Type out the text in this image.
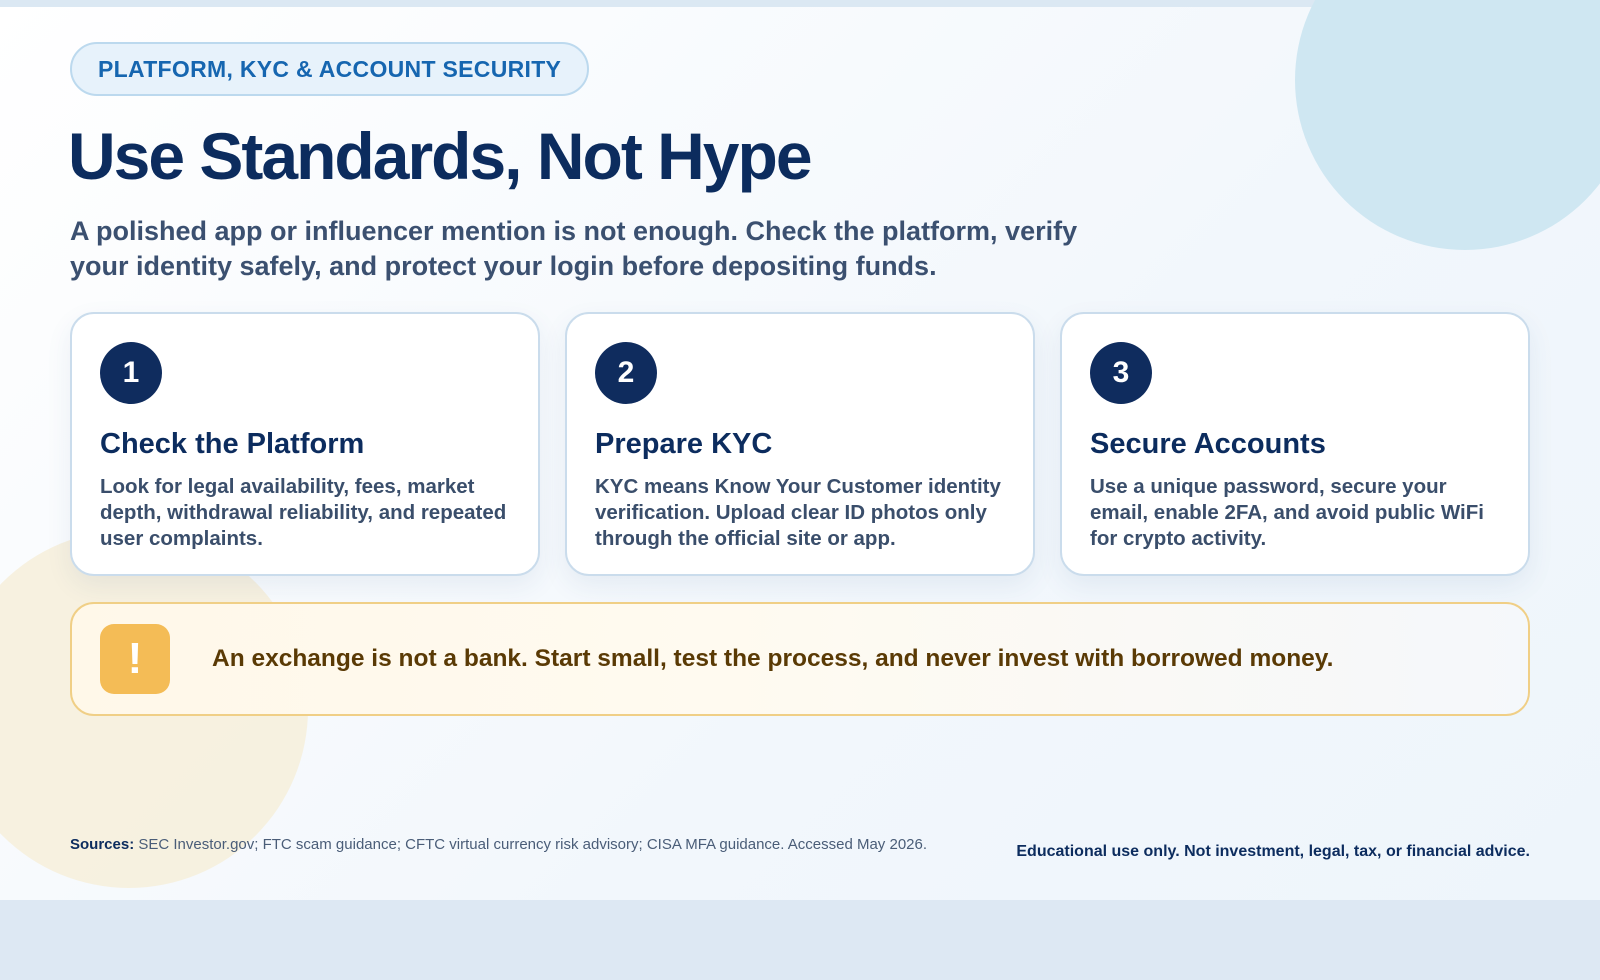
PLATFORM, KYC & ACCOUNT SECURITY
Use Standards, Not Hype

A polished app or influencer mention is not enough. Check the platform, verify your identity safely, and protect your login before depositing funds.

1
Check the Platform

Look for legal availability, fees, market depth, withdrawal reliability, and repeated user complaints.

2
Prepare KYC

KYC means Know Your Customer identity verification. Upload clear ID photos only through the official site or app.

3
Secure Accounts

Use a unique password, secure your email, enable 2FA, and avoid public WiFi for crypto activity.

!	An exchange is not a bank. Start small, test the process, and never invest with borrowed money.
Sources: SEC Investor.gov; FTC scam guidance; CFTC virtual currency risk advisory; CISA MFA guidance. Accessed May 2026.	Educational use only. Not investment, legal, tax, or financial advice.
